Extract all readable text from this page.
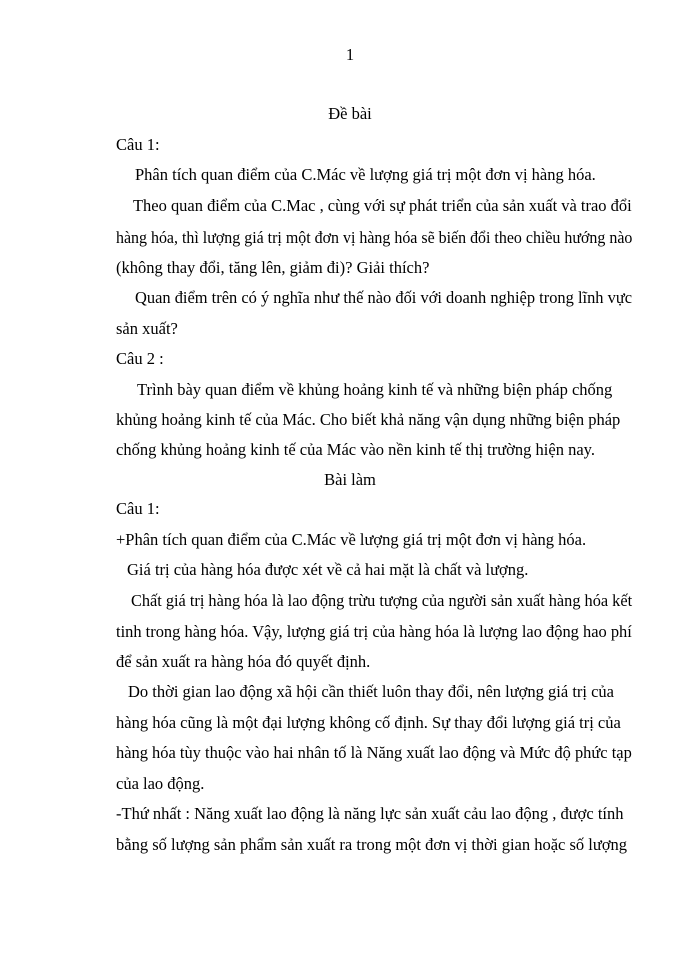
1
Đề bài
Câu 1:
Phân tích quan điểm của C.Mác về lượng giá trị một đơn vị hàng hóa.
Theo quan điểm của C.Mac , cùng với sự phát triển của sản xuất và trao đổi
hàng hóa, thì lượng giá trị một đơn vị hàng hóa sẽ biến đổi theo chiều hướng nào
(không thay đổi, tăng lên, giảm đi)? Giải thích?
Quan điểm trên có ý nghĩa như thế nào đối với doanh nghiệp trong lĩnh vực
sản xuất?
Câu 2 :
Trình bày quan điểm về khủng hoảng kinh tế và những biện pháp chống
khủng hoảng kinh tế của Mác. Cho biết khả năng vận dụng những biện pháp
chống khủng hoảng kinh tế của Mác vào nền kinh tế thị trường hiện nay.
Bài làm
Câu 1:
+Phân tích quan điểm của C.Mác về lượng giá trị một đơn vị hàng hóa.
Giá trị của hàng hóa được xét về cả hai mặt là chất và lượng.
Chất giá trị hàng hóa là lao động trừu tượng của người sản xuất hàng hóa kết
tinh trong hàng hóa. Vậy, lượng giá trị của hàng hóa là lượng lao động hao phí
để sản xuất ra hàng hóa đó quyết định.
Do thời gian lao động xã hội cần thiết luôn thay đổi, nên lượng giá trị của
hàng hóa cũng là một đại lượng không cố định. Sự thay đổi lượng giá trị của
hàng hóa tùy thuộc vào hai nhân tố là Năng xuất lao động và Mức độ phức tạp
của lao động.
-Thứ nhất : Năng xuất lao động là năng lực sản xuất cảu lao động , được tính
bằng số lượng sản phẩm sản xuất ra trong một đơn vị thời gian hoặc số lượng
